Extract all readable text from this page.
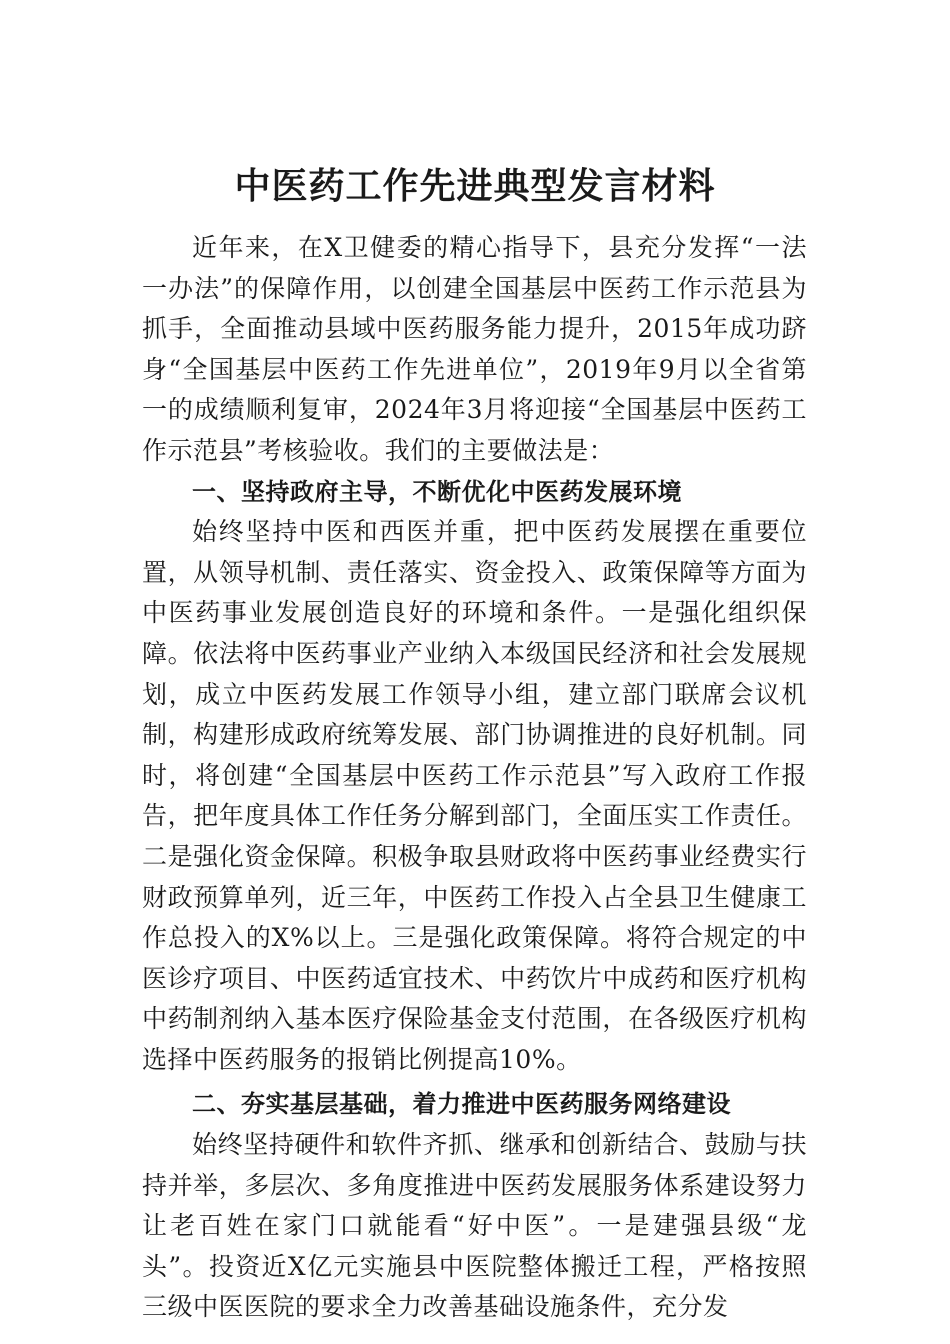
中医药工作先进典型发言材料

近年来，在X卫健委的精心指导下，县充分发挥“一法一办法”的保障作用，以创建全国基层中医药工作示范县为抓手，全面推动县域中医药服务能力提升，2015年成功跻身“全国基层中医药工作先进单位”，2019年9月以全省第一的成绩顺利复审，2024年3月将迎接“全国基层中医药工作示范县”考核验收。我们的主要做法是：

一、坚持政府主导，不断优化中医药发展环境

始终坚持中医和西医并重，把中医药发展摆在重要位置，从领导机制、责任落实、资金投入、政策保障等方面为中医药事业发展创造良好的环境和条件。一是强化组织保障。依法将中医药事业产业纳入本级国民经济和社会发展规划，成立中医药发展工作领导小组，建立部门联席会议机制，构建形成政府统筹发展、部门协调推进的良好机制。同时，将创建“全国基层中医药工作示范县”写入政府工作报告，把年度具体工作任务分解到部门，全面压实工作责任。二是强化资金保障。积极争取县财政将中医药事业经费实行财政预算单列，近三年，中医药工作投入占全县卫生健康工作总投入的X%以上。三是强化政策保障。将符合规定的中医诊疗项目、中医药适宜技术、中药饮片中成药和医疗机构中药制剂纳入基本医疗保险基金支付范围，在各级医疗机构选择中医药服务的报销比例提高10%。

二、夯实基层基础，着力推进中医药服务网络建设

始终坚持硬件和软件齐抓、继承和创新结合、鼓励与扶持并举，多层次、多角度推进中医药发展服务体系建设努力让老百姓在家门口就能看“好中医”。一是建强县级“龙头”。投资近X亿元实施县中医院整体搬迁工程，严格按照三级中医医院的要求全力改善基础设施条件，充分发
